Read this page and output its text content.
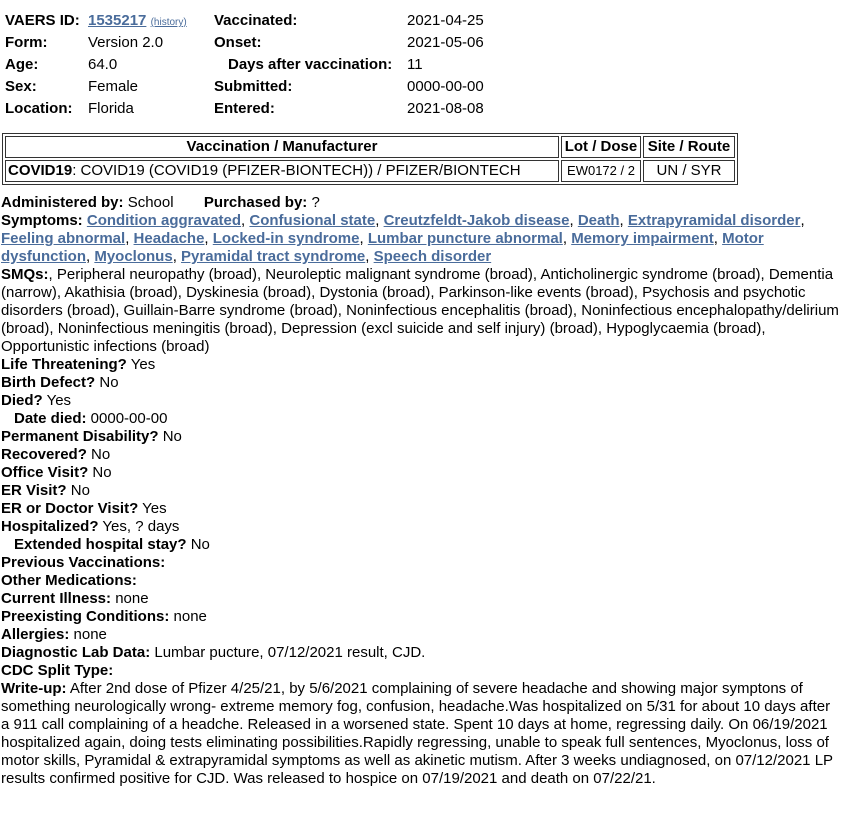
VAERS ID: 1535217 (history) Vaccinated:	2021-04-25
Form:	Version 2.0	Onset:	2021-05-06
Age:	64.0	Days after vaccination: 11
Sex:	Female	Submitted:	0000-00-00
Location: Florida	Entered:	2021-08-08
Vaccination / Manufacturer	Lot / Dose	Site / Route
COVID19: COVID19 (COVID19 (PFIZER-BIONTECH)) / PFIZER/BIONTECH	EW0172 / 2	UN / SYR

Administered by: School Purchased by: ?

Symptoms: Condition aggravated, Confusional state, Creutzfeldt-Jakob disease, Death, Extrapyramidal disorder, Feeling abnormal, Headache, Locked-in syndrome, Lumbar puncture abnormal, Memory impairment, Motor dysfunction, Myoclonus, Pyramidal tract syndrome, Speech disorder

SMQs:, Peripheral neuropathy (broad), Neuroleptic malignant syndrome (broad), Anticholinergic syndrome (broad), Dementia (narrow), Akathisia (broad), Dyskinesia (broad), Dystonia (broad), Parkinson-like events (broad), Psychosis and psychotic disorders (broad), Guillain-Barre syndrome (broad), Noninfectious encephalitis (broad), Noninfectious encephalopathy/delirium (broad), Noninfectious meningitis (broad), Depression (excl suicide and self injury) (broad), Hypoglycaemia (broad), Opportunistic infections (broad)

Life Threatening? Yes

Birth Defect? No

Died? Yes

Date died: 0000-00-00

Permanent Disability? No

Recovered? No

Office Visit? No

ER Visit? No

ER or Doctor Visit? Yes

Hospitalized? Yes, ? days

Extended hospital stay? No

Previous Vaccinations:

Other Medications:

Current Illness: none

Preexisting Conditions: none

Allergies: none

Diagnostic Lab Data: Lumbar pucture, 07/12/2021 result, CJD.

CDC Split Type:

Write-up: After 2nd dose of Pfizer 4/25/21, by 5/6/2021 complaining of severe headache and showing major symptons of something neurologically wrong- extreme memory fog, confusion, headache.Was hospitalized on 5/31 for about 10 days after a 911 call complaining of a headche. Released in a worsened state. Spent 10 days at home, regressing daily. On 06/19/2021 hospitalized again, doing tests eliminating possibilities.Rapidly regressing, unable to speak full sentences, Myoclonus, loss of motor skills, Pyramidal & extrapyramidal symptoms as well as akinetic mutism. After 3 weeks undiagnosed, on 07/12/2021 LP results confirmed positive for CJD. Was released to hospice on 07/19/2021 and death on 07/22/21.
